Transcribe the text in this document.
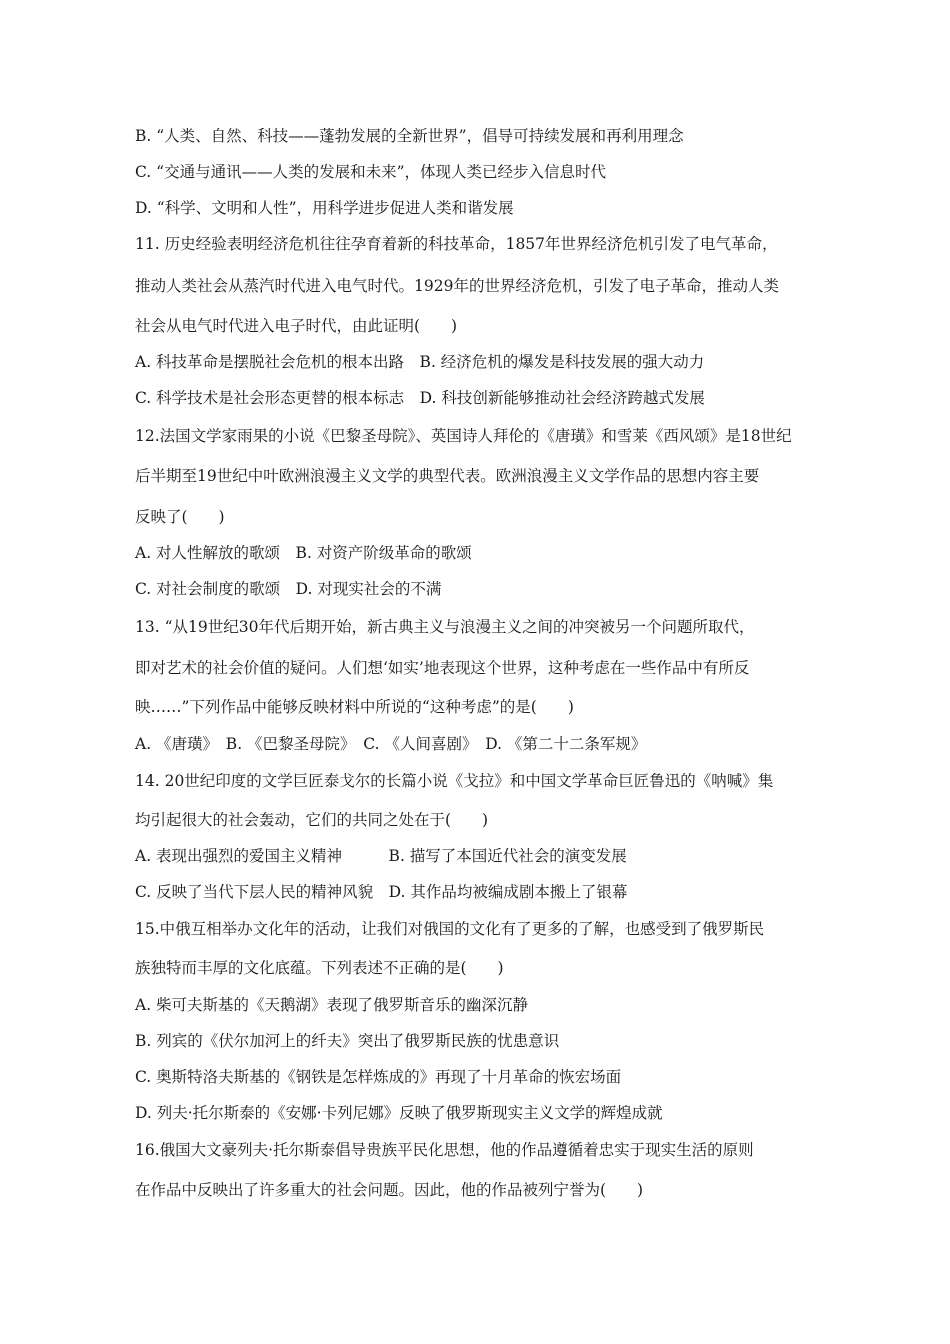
B. “人类、自然、科技——蓬勃发展的全新世界”，倡导可持续发展和再利用理念
C. “交通与通讯——人类的发展和未来”，体现人类已经步入信息时代
D. “科学、文明和人性”，用科学进步促进人类和谐发展
11. 历史经验表明经济危机往往孕育着新的科技革命，1857年世界经济危机引发了电气革命，
推动人类社会从蒸汽时代进入电气时代。1929年的世界经济危机，引发了电子革命，推动人类
社会从电气时代进入电子时代，由此证明(　　)
A. 科技革命是摆脱社会危机的根本出路　B. 经济危机的爆发是科技发展的强大动力
C. 科学技术是社会形态更替的根本标志　D. 科技创新能够推动社会经济跨越式发展
12.法国文学家雨果的小说《巴黎圣母院》、英国诗人拜伦的《唐璜》和雪莱《西风颂》是18世纪
后半期至19世纪中叶欧洲浪漫主义文学的典型代表。欧洲浪漫主义文学作品的思想内容主要
反映了(　　)
A. 对人性解放的歌颂　B. 对资产阶级革命的歌颂
C. 对社会制度的歌颂　D. 对现实社会的不满
13. “从19世纪30年代后期开始，新古典主义与浪漫主义之间的冲突被另一个问题所取代，
即对艺术的社会价值的疑问。人们想‘如实’地表现这个世界，这种考虑在一些作品中有所反
映……”下列作品中能够反映材料中所说的“这种考虑”的是(　　)
A. 《唐璜》　B. 《巴黎圣母院》　C. 《人间喜剧》　D. 《第二十二条军规》
14. 20世纪印度的文学巨匠泰戈尔的长篇小说《戈拉》和中国文学革命巨匠鲁迅的《呐喊》集
均引起很大的社会轰动，它们的共同之处在于(　　)
A. 表现出强烈的爱国主义精神　　　B. 描写了本国近代社会的演变发展
C. 反映了当代下层人民的精神风貌　D. 其作品均被编成剧本搬上了银幕
15.中俄互相举办文化年的活动，让我们对俄国的文化有了更多的了解，也感受到了俄罗斯民
族独特而丰厚的文化底蕴。下列表述不正确的是(　　)
A. 柴可夫斯基的《天鹅湖》表现了俄罗斯音乐的幽深沉静
B. 列宾的《伏尔加河上的纤夫》突出了俄罗斯民族的忧患意识
C. 奥斯特洛夫斯基的《钢铁是怎样炼成的》再现了十月革命的恢宏场面
D. 列夫·托尔斯泰的《安娜·卡列尼娜》反映了俄罗斯现实主义文学的辉煌成就
16.俄国大文豪列夫·托尔斯泰倡导贵族平民化思想，他的作品遵循着忠实于现实生活的原则
在作品中反映出了许多重大的社会问题。因此，他的作品被列宁誉为(　　)
